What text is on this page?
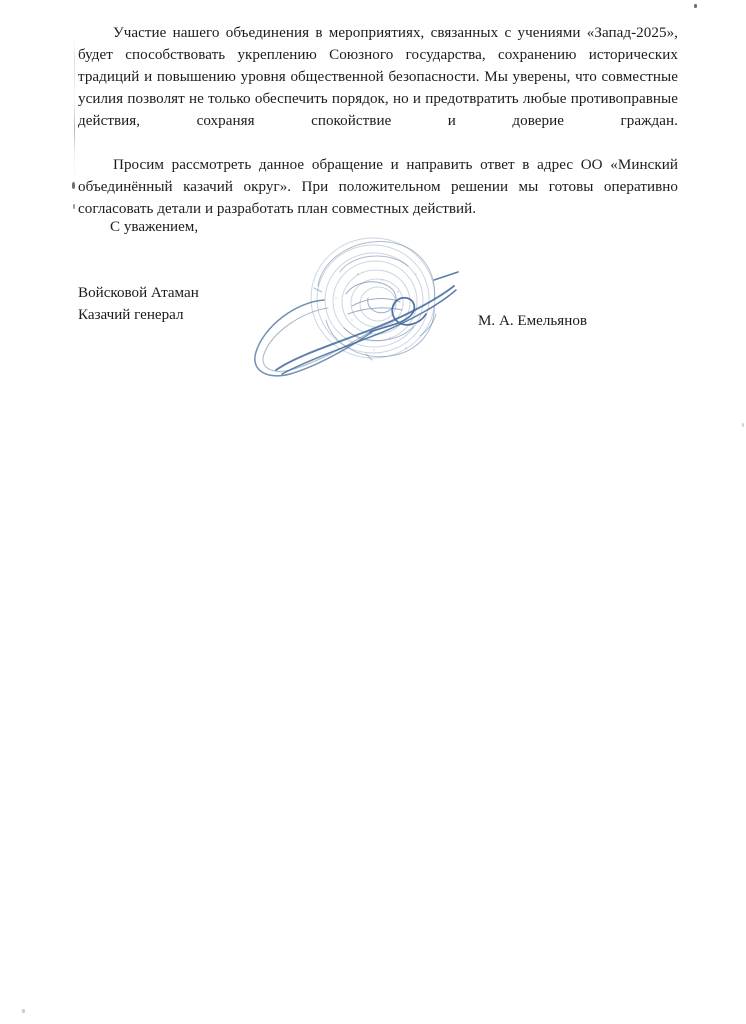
Участие нашего объединения в мероприятиях, связанных с учениями «Запад-2025», будет способствовать укреплению Союзного государства, сохранению исторических традиций и повышению уровня общественной безопасности. Мы уверены, что совместные усилия позволят не только обеспечить порядок, но и предотвратить любые противоправные действия, сохраняя спокойствие и доверие граждан.

Просим рассмотреть данное обращение и направить ответ в адрес ОО «Минский объединённый казачий округ». При положительном решении мы готовы оперативно согласовать детали и разработать план совместных действий.

С уважением,
Войсковой Атаман
Казачий генерал	М. А. Емельянов
